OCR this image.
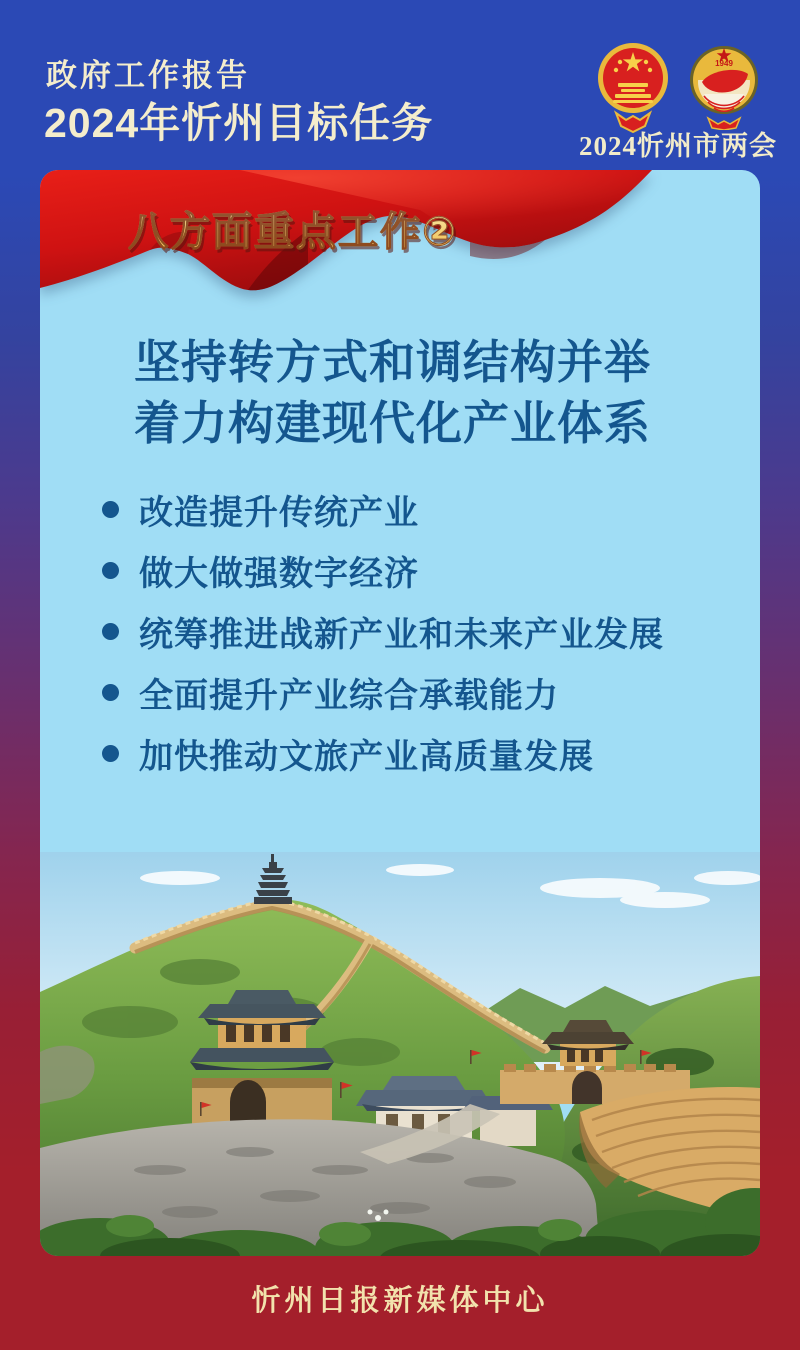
政府工作报告
2024年忻州目标任务
1949
2024忻州市两会
八方面重点工作②
坚持转方式和调结构并举
着力构建现代化产业体系
改造提升传统产业
做大做强数字经济
统筹推进战新产业和未来产业发展
全面提升产业综合承载能力
加快推动文旅产业高质量发展
忻州日报新媒体中心
